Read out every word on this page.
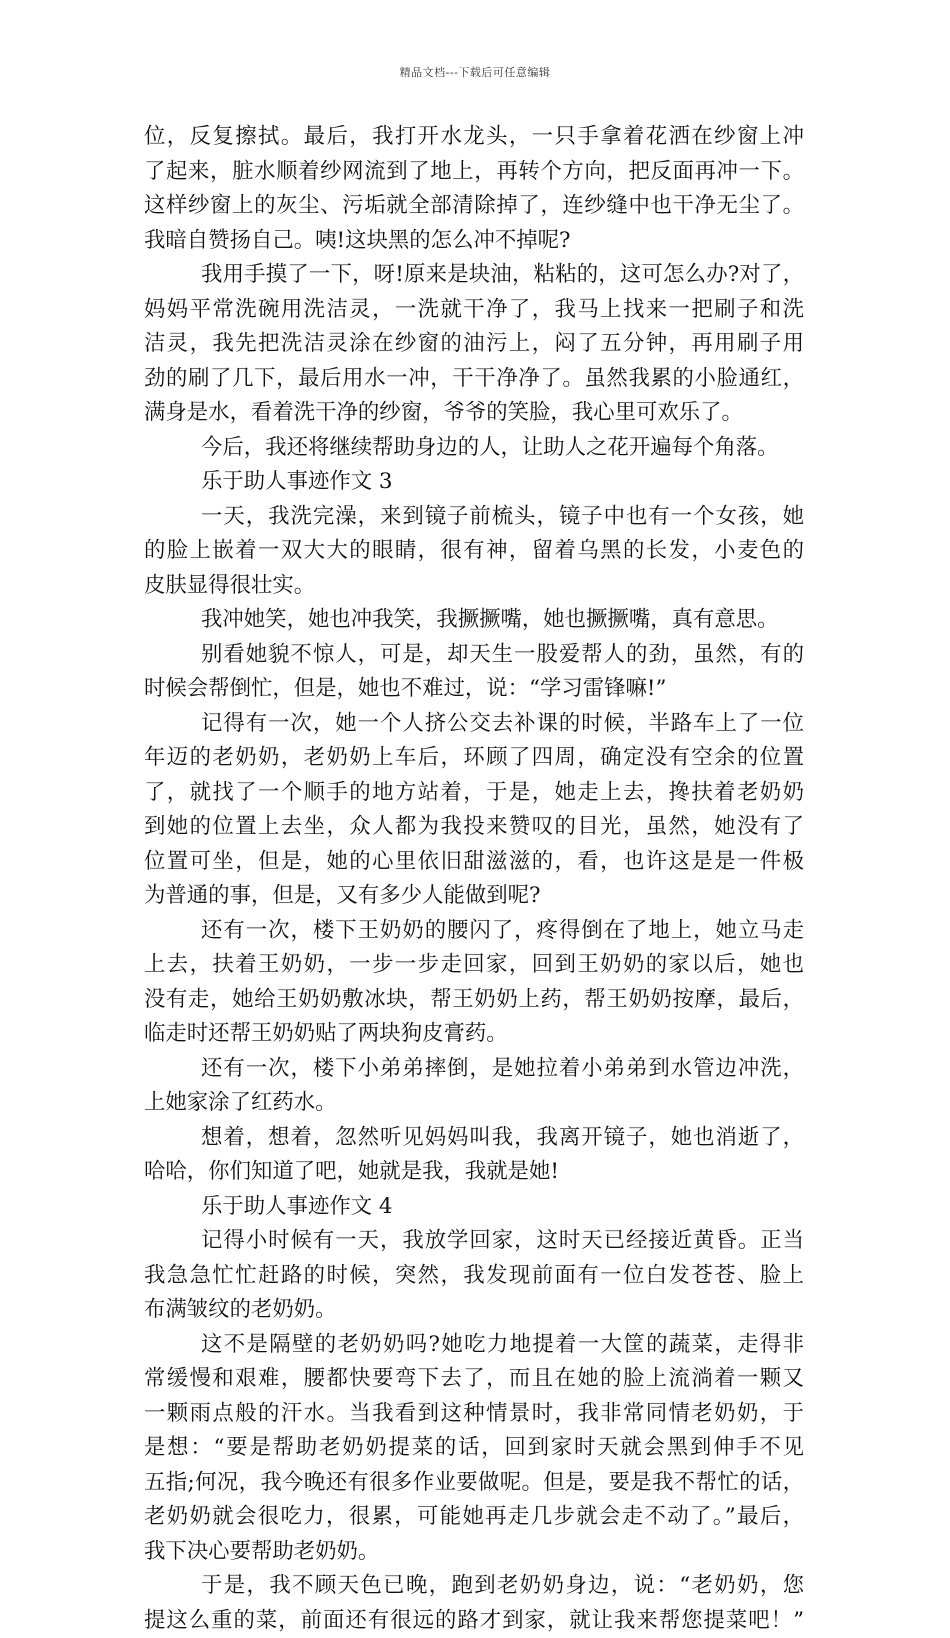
精品文档---下载后可任意编辑
位，反复擦拭。最后，我打开水龙头，一只手拿着花洒在纱窗上冲
了起来，脏水顺着纱网流到了地上，再转个方向，把反面再冲一下。
这样纱窗上的灰尘、污垢就全部清除掉了，连纱缝中也干净无尘了。
我暗自赞扬自己。咦!这块黑的怎么冲不掉呢?
我用手摸了一下，呀!原来是块油，粘粘的，这可怎么办?对了，
妈妈平常洗碗用洗洁灵，一洗就干净了，我马上找来一把刷子和洗
洁灵，我先把洗洁灵涂在纱窗的油污上，闷了五分钟，再用刷子用
劲的刷了几下，最后用水一冲，干干净净了。虽然我累的小脸通红，
满身是水，看着洗干净的纱窗，爷爷的笑脸，我心里可欢乐了。
今后，我还将继续帮助身边的人，让助人之花开遍每个角落。
乐于助人事迹作文 3
一天，我洗完澡，来到镜子前梳头，镜子中也有一个女孩，她
的脸上嵌着一双大大的眼睛，很有神，留着乌黑的长发，小麦色的
皮肤显得很壮实。
我冲她笑，她也冲我笑，我撅撅嘴，她也撅撅嘴，真有意思。
别看她貌不惊人，可是，却天生一股爱帮人的劲，虽然，有的
时候会帮倒忙，但是，她也不难过，说：“学习雷锋嘛!”
记得有一次，她一个人挤公交去补课的时候，半路车上了一位
年迈的老奶奶，老奶奶上车后，环顾了四周，确定没有空余的位置
了，就找了一个顺手的地方站着，于是，她走上去，搀扶着老奶奶
到她的位置上去坐，众人都为我投来赞叹的目光，虽然，她没有了
位置可坐，但是，她的心里依旧甜滋滋的，看，也许这是是一件极
为普通的事，但是，又有多少人能做到呢?
还有一次，楼下王奶奶的腰闪了，疼得倒在了地上，她立马走
上去，扶着王奶奶，一步一步走回家，回到王奶奶的家以后，她也
没有走，她给王奶奶敷冰块，帮王奶奶上药，帮王奶奶按摩，最后，
临走时还帮王奶奶贴了两块狗皮膏药。
还有一次，楼下小弟弟摔倒，是她拉着小弟弟到水管边冲洗，
上她家涂了红药水。
想着，想着，忽然听见妈妈叫我，我离开镜子，她也消逝了，
哈哈，你们知道了吧，她就是我，我就是她!
乐于助人事迹作文 4
记得小时候有一天，我放学回家，这时天已经接近黄昏。正当
我急急忙忙赶路的时候，突然，我发现前面有一位白发苍苍、脸上
布满皱纹的老奶奶。
这不是隔壁的老奶奶吗?她吃力地提着一大筐的蔬菜，走得非
常缓慢和艰难，腰都快要弯下去了，而且在她的脸上流淌着一颗又
一颗雨点般的汗水。当我看到这种情景时，我非常同情老奶奶，于
是想：“要是帮助老奶奶提菜的话，回到家时天就会黑到伸手不见
五指;何况，我今晚还有很多作业要做呢。但是，要是我不帮忙的话，
老奶奶就会很吃力，很累，可能她再走几步就会走不动了。”最后，
我下决心要帮助老奶奶。
于是，我不顾天色已晚，跑到老奶奶身边，说：“老奶奶，您
提这么重的菜，前面还有很远的路才到家，就让我来帮您提菜吧！”
